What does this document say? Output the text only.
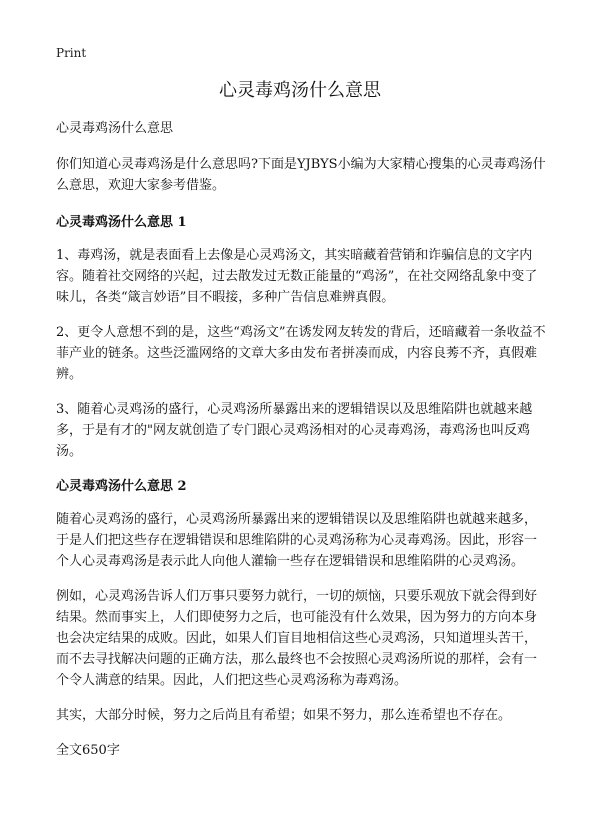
Print
心灵毒鸡汤什么意思

心灵毒鸡汤什么意思

你们知道心灵毒鸡汤是什么意思吗?下面是YJBYS小编为大家精心搜集的心灵毒鸡汤什么意思，欢迎大家参考借鉴。

心灵毒鸡汤什么意思 1

1、毒鸡汤，就是表面看上去像是心灵鸡汤文，其实暗藏着营销和诈骗信息的文字内容。随着社交网络的兴起，过去散发过无数正能量的“鸡汤”，在社交网络乱象中变了味儿，各类“箴言妙语”目不暇接，多种广告信息难辨真假。

2、更令人意想不到的是，这些“鸡汤文”在诱发网友转发的背后，还暗藏着一条收益不菲产业的链条。这些泛滥网络的文章大多由发布者拼凑而成，内容良莠不齐，真假难辨。

3、随着心灵鸡汤的盛行，心灵鸡汤所暴露出来的逻辑错误以及思维陷阱也就越来越多，于是有才的"网友就创造了专门跟心灵鸡汤相对的心灵毒鸡汤，毒鸡汤也叫反鸡汤。

心灵毒鸡汤什么意思 2

随着心灵鸡汤的盛行，心灵鸡汤所暴露出来的逻辑错误以及思维陷阱也就越来越多，于是人们把这些存在逻辑错误和思维陷阱的心灵鸡汤称为心灵毒鸡汤。因此，形容一个人心灵毒鸡汤是表示此人向他人灌输一些存在逻辑错误和思维陷阱的心灵鸡汤。

例如，心灵鸡汤告诉人们万事只要努力就行，一切的烦恼，只要乐观放下就会得到好结果。然而事实上，人们即使努力之后，也可能没有什么效果，因为努力的方向本身也会决定结果的成败。因此，如果人们盲目地相信这些心灵鸡汤，只知道埋头苦干，而不去寻找解决问题的正确方法，那么最终也不会按照心灵鸡汤所说的那样，会有一个令人满意的结果。因此，人们把这些心灵鸡汤称为毒鸡汤。

其实，大部分时候，努力之后尚且有希望；如果不努力，那么连希望也不存在。

全文650字
